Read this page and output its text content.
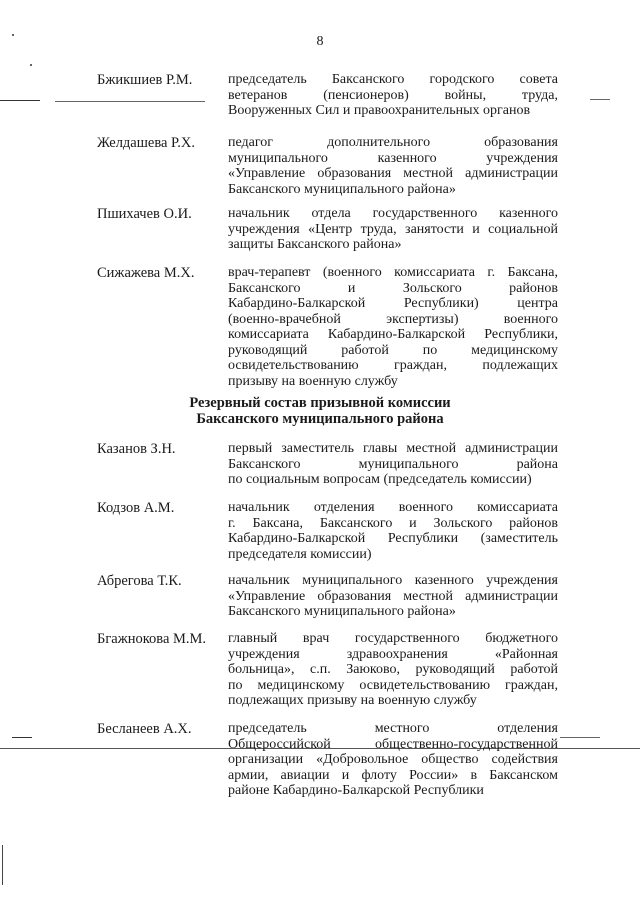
8
Бжикшиев Р.М.	председатель Баксанского городского совета
ветеранов (пенсионеров) войны, труда,
Вооруженных Сил и правоохранительных органов
Желдашева Р.Х.	педагог дополнительного образования
муниципального казенного учреждения
«Управление образования местной администрации
Баксанского муниципального района»
Пшихачев О.И.	начальник отдела государственного казенного
учреждения «Центр труда, занятости и социальной
защиты Баксанского района»
Сижажева М.Х.	врач-терапевт (военного комиссариата г. Баксана,
Баксанского и Зольского районов
Кабардино-Балкарской Республики) центра
(военно-врачебной экспертизы) военного
комиссариата Кабардино-Балкарской Республики,
руководящий работой по медицинскому
освидетельствованию граждан, подлежащих
призыву на военную службу
Резервный состав призывной комиссии
Баксанского муниципального района
Казанов З.Н.	первый заместитель главы местной администрации
Баксанского муниципального района
по социальным вопросам (председатель комиссии)
Кодзов А.М.	начальник отделения военного комиссариата
г. Баксана, Баксанского и Зольского районов
Кабардино-Балкарской Республики (заместитель
председателя комиссии)
Абрегова Т.К.	начальник муниципального казенного учреждения
«Управление образования местной администрации
Баксанского муниципального района»
Бгажнокова М.М.	главный врач государственного бюджетного
учреждения здравоохранения «Районная
больница», с.п. Заюково, руководящий работой
по медицинскому освидетельствованию граждан,
подлежащих призыву на военную службу
Бесланеев А.Х.	председатель местного отделения
Общероссийской общественно-государственной
организации «Добровольное общество содействия
армии, авиации и флоту России» в Баксанском
районе Кабардино-Балкарской Республики
